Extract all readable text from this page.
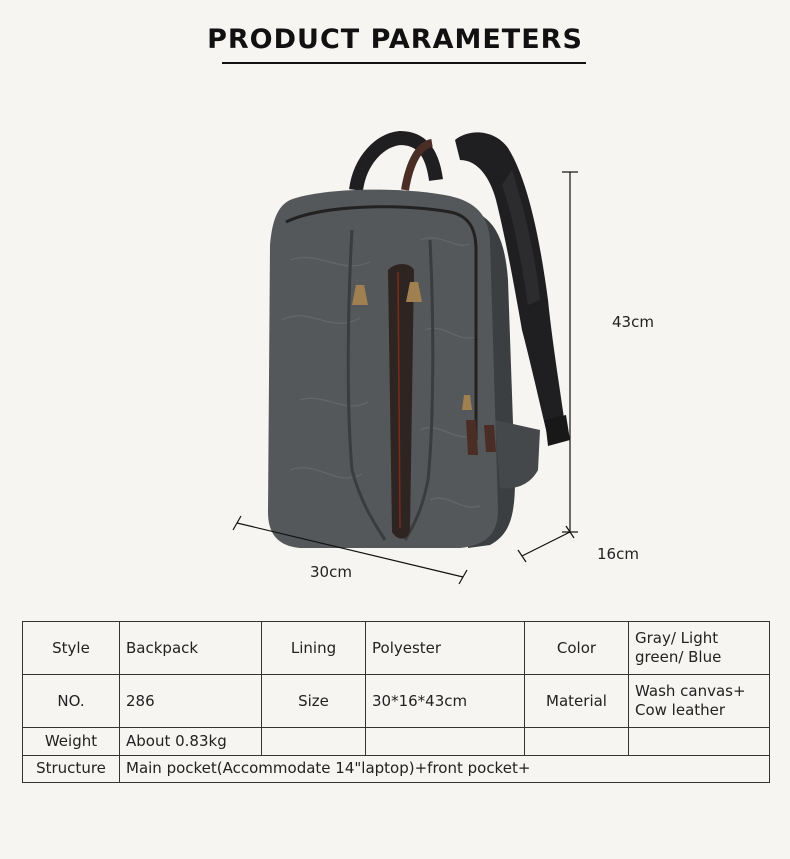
PRODUCT PARAMETERS
43cm
30cm
16cm
Style	Backpack	Lining	Polyester	Color	Gray/ Light green/ Blue
NO.	286	Size	30*16*43cm	Material	Wash canvas+ Cow leather
Weight	About 0.83kg				
Structure	Main pocket(Accommodate 14"laptop)+front pocket+				
